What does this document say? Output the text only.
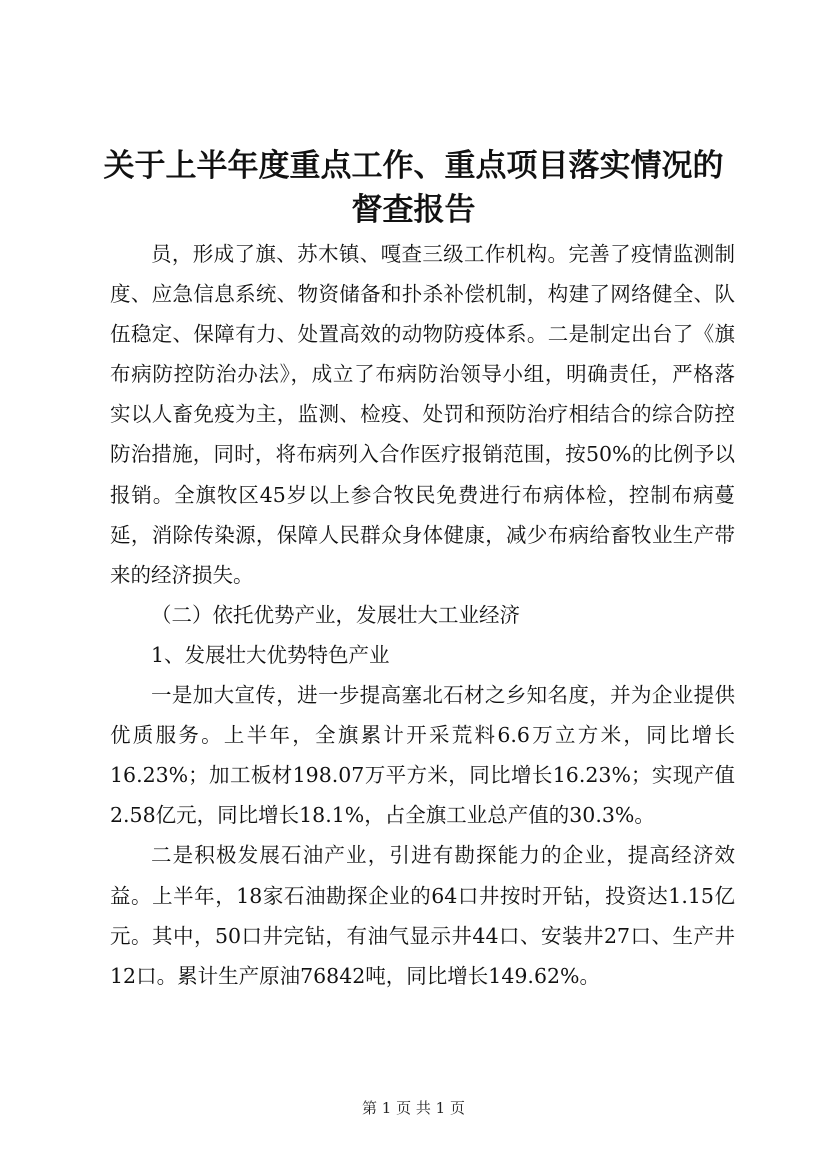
关于上半年度重点工作、重点项目落实情况的
督查报告

员，形成了旗、苏木镇、嘎查三级工作机构。完善了疫情监测制度、应急信息系统、物资储备和扑杀补偿机制，构建了网络健全、队伍稳定、保障有力、处置高效的动物防疫体系。二是制定出台了《旗布病防控防治办法》，成立了布病防治领导小组，明确责任，严格落实以人畜免疫为主，监测、检疫、处罚和预防治疗相结合的综合防控防治措施，同时，将布病列入合作医疗报销范围，按50%的比例予以报销。全旗牧区45岁以上参合牧民免费进行布病体检，控制布病蔓延，消除传染源，保障人民群众身体健康，减少布病给畜牧业生产带来的经济损失。

（二）依托优势产业，发展壮大工业经济

1、发展壮大优势特色产业

一是加大宣传，进一步提高塞北石材之乡知名度，并为企业提供优质服务。上半年，全旗累计开采荒料6.6万立方米，同比增长16.23%；加工板材198.07万平方米，同比增长16.23%；实现产值2.58亿元，同比增长18.1%，占全旗工业总产值的30.3%。

二是积极发展石油产业，引进有勘探能力的企业，提高经济效益。上半年，18家石油勘探企业的64口井按时开钻，投资达1.15亿元。其中，50口井完钻，有油气显示井44口、安装井27口、生产井12口。累计生产原油76842吨，同比增长149.62%。

第 1 页 共 1 页
